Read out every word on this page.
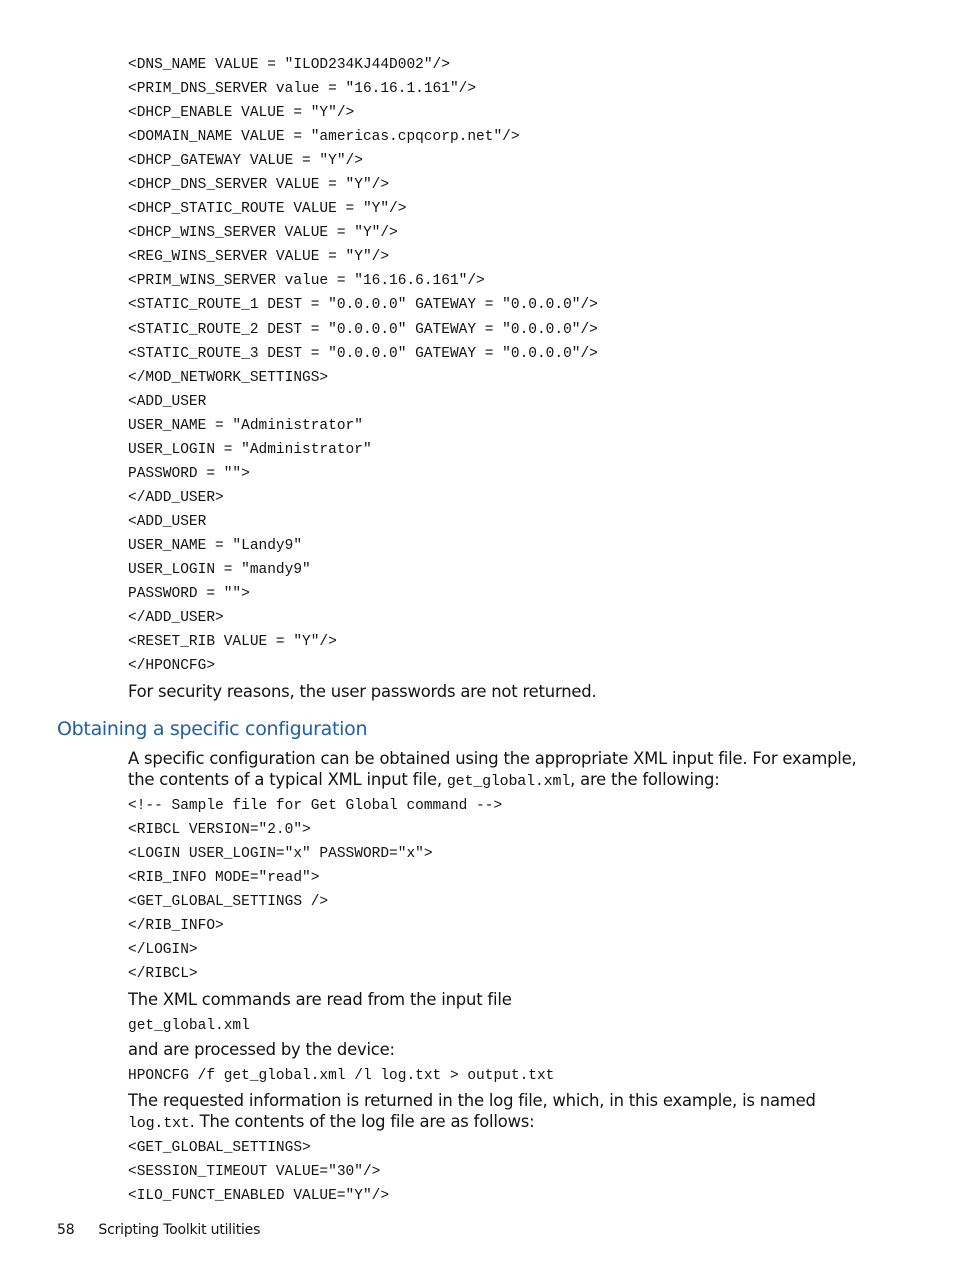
<DNS_NAME VALUE = "ILOD234KJ44D002"/>
<PRIM_DNS_SERVER value = "16.16.1.161"/>
<DHCP_ENABLE VALUE = "Y"/>
<DOMAIN_NAME VALUE = "americas.cpqcorp.net"/>
<DHCP_GATEWAY VALUE = "Y"/>
<DHCP_DNS_SERVER VALUE = "Y"/>
<DHCP_STATIC_ROUTE VALUE = "Y"/>
<DHCP_WINS_SERVER VALUE = "Y"/>
<REG_WINS_SERVER VALUE = "Y"/>
<PRIM_WINS_SERVER value = "16.16.6.161"/>
<STATIC_ROUTE_1 DEST = "0.0.0.0" GATEWAY = "0.0.0.0"/>
<STATIC_ROUTE_2 DEST = "0.0.0.0" GATEWAY = "0.0.0.0"/>
<STATIC_ROUTE_3 DEST = "0.0.0.0" GATEWAY = "0.0.0.0"/>
</MOD_NETWORK_SETTINGS>
<ADD_USER
USER_NAME = "Administrator"
USER_LOGIN = "Administrator"
PASSWORD = "">
</ADD_USER>
<ADD_USER
USER_NAME = "Landy9"
USER_LOGIN = "mandy9"
PASSWORD = "">
</ADD_USER>
<RESET_RIB VALUE = "Y"/>
</HPONCFG>

For security reasons, the user passwords are not returned.

Obtaining a specific configuration

A specific configuration can be obtained using the appropriate XML input file. For example, the contents of a typical XML input file, get_global.xml, are the following:

<!-- Sample file for Get Global command -->
<RIBCL VERSION="2.0">
<LOGIN USER_LOGIN="x" PASSWORD="x">
<RIB_INFO MODE="read">
<GET_GLOBAL_SETTINGS />
</RIB_INFO>
</LOGIN>
</RIBCL>

The XML commands are read from the input file

get_global.xml

and are processed by the device:

HPONCFG /f get_global.xml /l log.txt > output.txt

The requested information is returned in the log file, which, in this example, is named log.txt. The contents of the log file are as follows:

<GET_GLOBAL_SETTINGS>
<SESSION_TIMEOUT VALUE="30"/>
<ILO_FUNCT_ENABLED VALUE="Y"/>

58 Scripting Toolkit utilities
